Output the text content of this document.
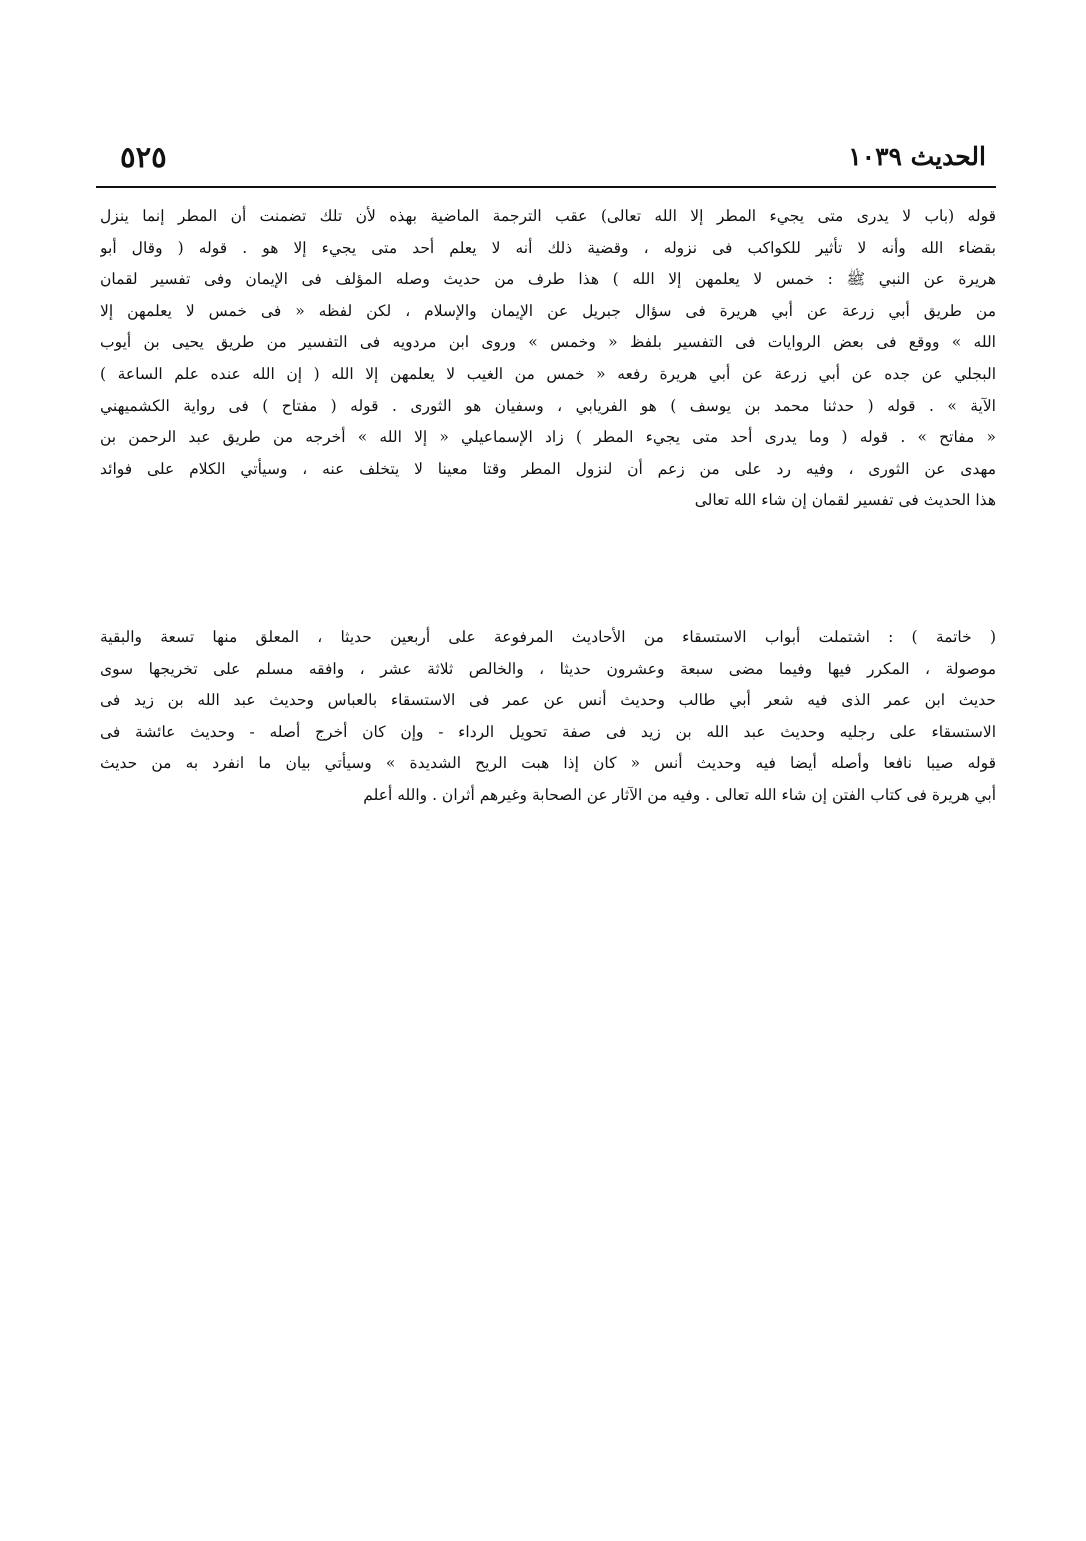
الحديث ١٠٣٩
٥٢٥
قوله (باب لا يدرى متى يجيء المطر إلا الله تعالى) عقب الترجمة الماضية بهذه لأن تلك تضمنت أن المطر إنما ينزل
بقضاء الله وأنه لا تأثير للكواكب فى نزوله ، وقضية ذلك أنه لا يعلم أحد متى يجيء إلا هو . قوله ( وقال أبو
هريرة عن النبي ﷺ : خمس لا يعلمهن إلا الله ) هذا طرف من حديث وصله المؤلف فى الإيمان وفى تفسير لقمان
من طريق أبي زرعة عن أبي هريرة فى سؤال جبريل عن الإيمان والإسلام ، لكن لفظه « فى خمس لا يعلمهن إلا
الله » ووقع فى بعض الروايات فى التفسير بلفظ « وخمس » وروى ابن مردويه فى التفسير من طريق يحيى بن أيوب
البجلي عن جده عن أبي زرعة عن أبي هريرة رفعه « خمس من الغيب لا يعلمهن إلا الله ( إن الله عنده علم الساعة )
الآية » . قوله ( حدثنا محمد بن يوسف ) هو الفريابي ، وسفيان هو الثورى . قوله ( مفتاح ) فى رواية الكشميهني
« مفاتح » . قوله ( وما يدرى أحد متى يجيء المطر ) زاد الإسماعيلي « إلا الله » أخرجه من طريق عبد الرحمن بن
مهدى عن الثورى ، وفيه رد على من زعم أن لنزول المطر وقتا معينا لا يتخلف عنه ، وسيأتي الكلام على فوائد
هذا الحديث فى تفسير لقمان إن شاء الله تعالى
( خاتمة ) : اشتملت أبواب الاستسقاء من الأحاديث المرفوعة على أربعين حديثا ، المعلق منها تسعة والبقية
موصولة ، المكرر فيها وفيما مضى سبعة وعشرون حديثا ، والخالص ثلاثة عشر ، وافقه مسلم على تخريجها سوى
حديث ابن عمر الذى فيه شعر أبي طالب وحديث أنس عن عمر فى الاستسقاء بالعباس وحديث عبد الله بن زيد فى
الاستسقاء على رجليه وحديث عبد الله بن زيد فى صفة تحويل الرداء - وإن كان أخرج أصله - وحديث عائشة فى
قوله صيبا نافعا وأصله أيضا فيه وحديث أنس « كان إذا هبت الريح الشديدة » وسيأتي بيان ما انفرد به من حديث
أبي هريرة فى كتاب الفتن إن شاء الله تعالى . وفيه من الآثار عن الصحابة وغيرهم أثران . والله أعلم
